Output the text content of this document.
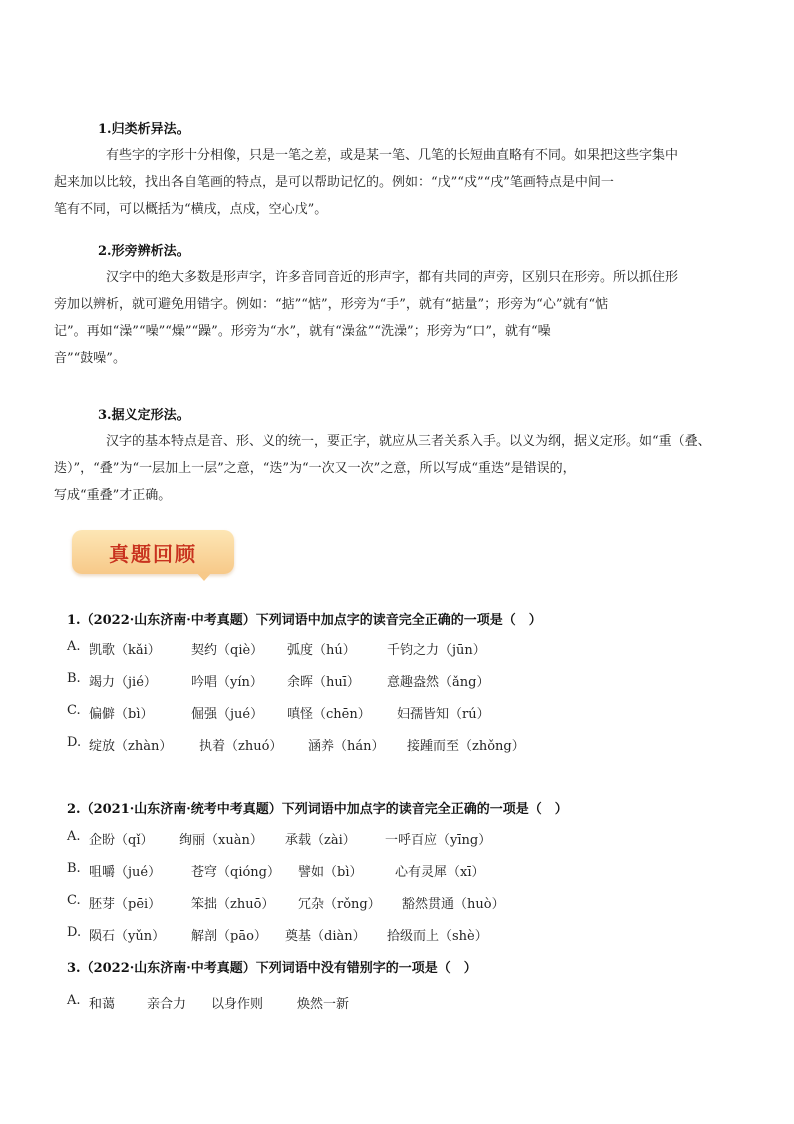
1.归类析异法。

有些字的字形十分相像，只是一笔之差，或是某一笔、几笔的长短曲直略有不同。如果把这些字集中
起来加以比较，找出各自笔画的特点，是可以帮助记忆的。例如：“戊”“戍”“戌”笔画特点是中间一
笔有不同，可以概括为“横戌，点戍，空心戊”。

2.形旁辨析法。

汉字中的绝大多数是形声字，许多音同音近的形声字，都有共同的声旁，区别只在形旁。所以抓住形
旁加以辨析，就可避免用错字。例如：“掂”“惦”，形旁为“手”，就有“掂量”；形旁为“心”就有“惦
记”。再如“澡”“噪”“燥”“躁”。形旁为“水”，就有“澡盆”“洗澡”；形旁为“口”，就有“噪
音”“鼓噪”。

3.据义定形法。

汉字的基本特点是音、形、义的统一，要正字，就应从三者关系入手。以义为纲，据义定形。如“重（叠、
迭）”，“叠”为“一层加上一层”之意，“迭”为“一次又一次”之意，所以写成“重迭”是错误的，
写成“重叠”才正确。

真题回顾
1.（2022·山东济南·中考真题）下列词语中加点字的读音完全正确的一项是（　）
A. 凯歌（kǎi） 契约（qiè） 弧度（hú） 千钧之力（jūn）
B. 竭力（jié）	吟唱（yín） 余晖（huī） 意趣盎然（ǎng）
C. 偏僻（bì）	倔强（jué） 嗔怪（chēn） 妇孺皆知（rú）
D. 绽放（zhàn） 执着（zhuó） 涵养（hán） 接踵而至（zhǒng）
2.（2021·山东济南·统考中考真题）下列词语中加点字的读音完全正确的一项是（　）
A. 企盼（qǐ） 绚丽（xuàn） 承载（zài） 一呼百应（yīng）
B. 咀嚼（jué） 苍穹（qióng） 譬如（bì）	心有灵犀（xī）
C. 胚芽（pēi） 笨拙（zhuō） 冗杂（rǒng） 豁然贯通（huò）
D. 陨石（yǔn） 解剖（pāo） 奠基（diàn） 拾级而上（shè）
3.（2022·山东济南·中考真题）下列词语中没有错别字的一项是（　）
A. 和蔼 亲合力 以身作则	焕然一新
